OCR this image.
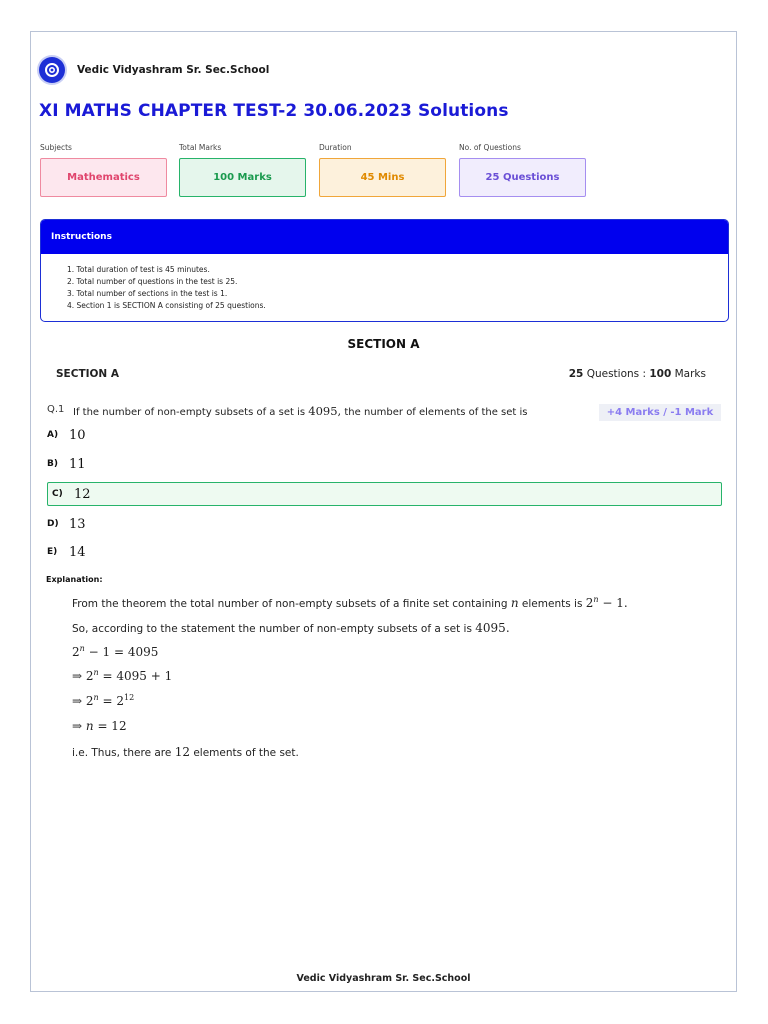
Vedic Vidyashram Sr. Sec.School
XI MATHS CHAPTER TEST-2 30.06.2023 Solutions
Subjects
Mathematics
Total Marks
100 Marks
Duration
45 Mins
No. of Questions
25 Questions
Instructions
1. Total duration of test is 45 minutes.
2. Total number of questions in the test is 25.
3. Total number of sections in the test is 1.
4. Section 1 is SECTION A consisting of 25 questions.
SECTION A
SECTION A	25 Questions : 100 Marks
Q.1 If the number of non-empty subsets of a set is 4095, the number of elements of the set is	+4 Marks / -1 Mark
A) 10
B) 11
C) 12
D) 13
E) 14
Explanation:
From the theorem the total number of non-empty subsets of a finite set containing n elements is $2^n - 1$.
So, according to the statement the number of non-empty subsets of a set is 4095.
$2^n - 1 = 4095$
⇒ $2^n = 4095 + 1$
⇒ $2^n = 2^{12}$
⇒ n = 12
i.e. Thus, there are 12 elements of the set.
Vedic Vidyashram Sr. Sec.School
